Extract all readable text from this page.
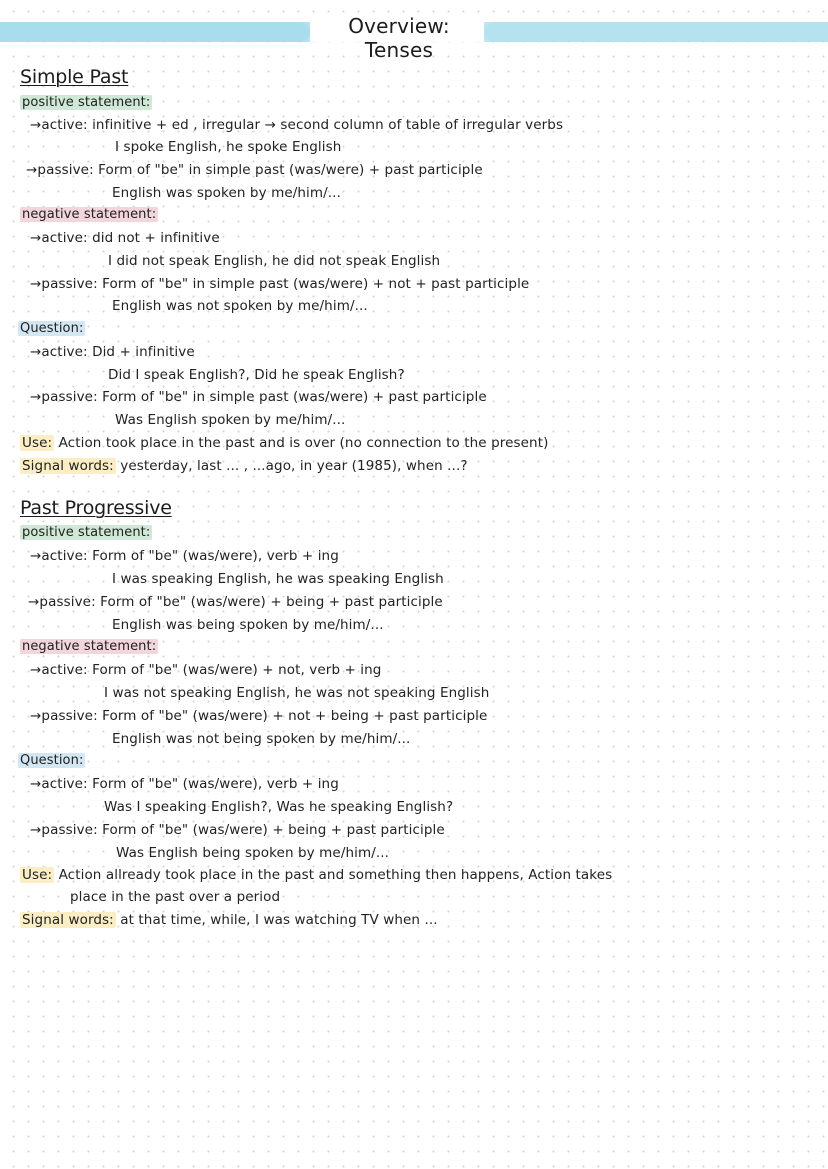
Overview: Tenses
Simple Past
positive statement:
→active: infinitive + ed , irregular → second column of table of irregular verbs
I spoke English, he spoke English
→passive: Form of "be" in simple past (was/were) + past participle
English was spoken by me/him/...
negative statement:
→active: did not + infinitive
I did not speak English, he did not speak English
→passive: Form of "be" in simple past (was/were) + not + past participle
English was not spoken by me/him/...
Question:
→active: Did + infinitive
Did I speak English?, Did he speak English?
→passive: Form of "be" in simple past (was/were) + past participle
Was English spoken by me/him/...
Use: Action took place in the past and is over (no connection to the present)
Signal words: yesterday, last ... , ...ago, in year (1985), when ...?
Past Progressive
positive statement:
→active: Form of "be" (was/were), verb + ing
I was speaking English, he was speaking English
→passive: Form of "be" (was/were) + being + past participle
English was being spoken by me/him/...
negative statement:
→active: Form of "be" (was/were) + not, verb + ing
I was not speaking English, he was not speaking English
→passive: Form of "be" (was/were) + not + being + past participle
English was not being spoken by me/him/...
Question:
→active: Form of "be" (was/were), verb + ing
Was I speaking English?, Was he speaking English?
→passive: Form of "be" (was/were) + being + past participle
Was English being spoken by me/him/...
Use: Action allready took place in the past and something then happens, Action takes
place in the past over a period
Signal words: at that time, while, I was watching TV when ...
